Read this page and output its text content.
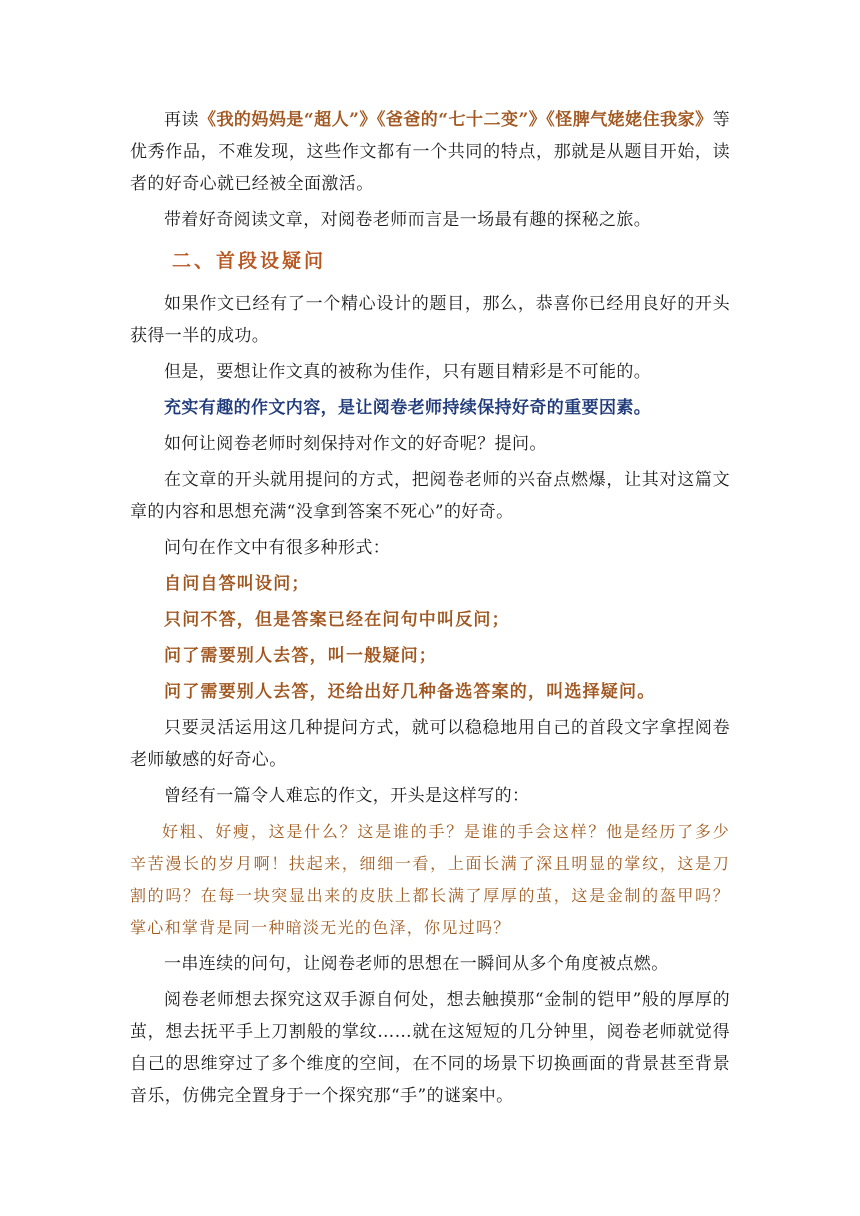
再读《我的妈妈是“超人”》《爸爸的“七十二变”》《怪脾气姥姥住我家》等优秀作品，不难发现，这些作文都有一个共同的特点，那就是从题目开始，读者的好奇心就已经被全面激活。

带着好奇阅读文章，对阅卷老师而言是一场最有趣的探秘之旅。

二、首段设疑问

如果作文已经有了一个精心设计的题目，那么，恭喜你已经用良好的开头获得一半的成功。

但是，要想让作文真的被称为佳作，只有题目精彩是不可能的。

充实有趣的作文内容，是让阅卷老师持续保持好奇的重要因素。

如何让阅卷老师时刻保持对作文的好奇呢？提问。

在文章的开头就用提问的方式，把阅卷老师的兴奋点燃爆，让其对这篇文章的内容和思想充满“没拿到答案不死心”的好奇。

问句在作文中有很多种形式：

自问自答叫设问；

只问不答，但是答案已经在问句中叫反问；

问了需要别人去答，叫一般疑问；

问了需要别人去答，还给出好几种备选答案的，叫选择疑问。

只要灵活运用这几种提问方式，就可以稳稳地用自己的首段文字拿捏阅卷老师敏感的好奇心。

曾经有一篇令人难忘的作文，开头是这样写的：

好粗、好瘦，这是什么？这是谁的手？是谁的手会这样？他是经历了多少辛苦漫长的岁月啊！扶起来，细细一看，上面长满了深且明显的掌纹，这是刀割的吗？在每一块突显出来的皮肤上都长满了厚厚的茧，这是金制的盔甲吗？掌心和掌背是同一种暗淡无光的色泽，你见过吗？

一串连续的问句，让阅卷老师的思想在一瞬间从多个角度被点燃。

阅卷老师想去探究这双手源自何处，想去触摸那“金制的铠甲”般的厚厚的茧，想去抚平手上刀割般的掌纹……就在这短短的几分钟里，阅卷老师就觉得自己的思维穿过了多个维度的空间，在不同的场景下切换画面的背景甚至背景音乐，仿佛完全置身于一个探究那“手”的谜案中。
